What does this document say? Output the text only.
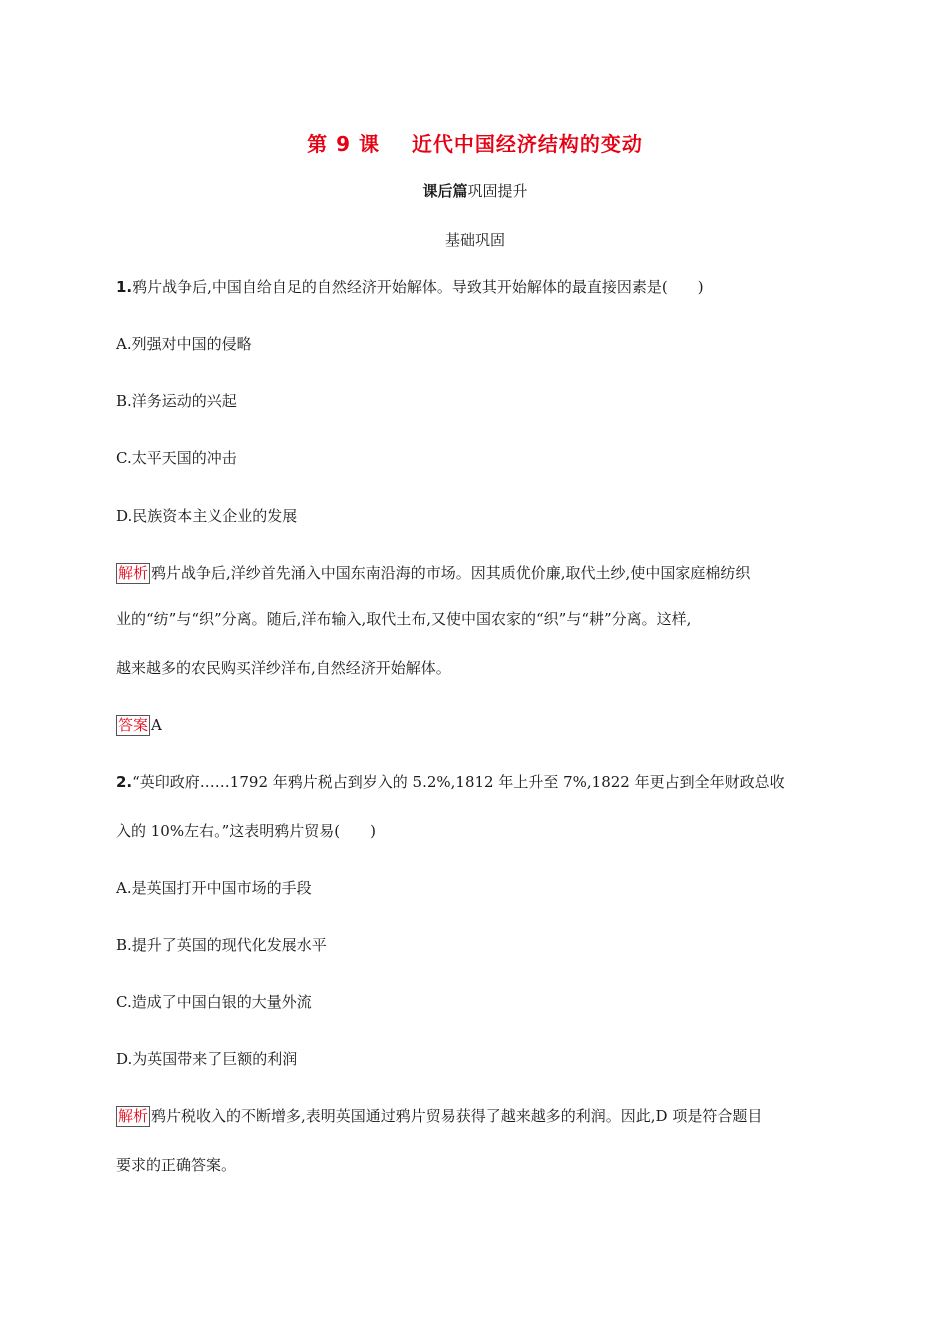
第 9 课    近代中国经济结构的变动
课后篇巩固提升
基础巩固
1.鸦片战争后,中国自给自足的自然经济开始解体。导致其开始解体的最直接因素是(　　)
A.列强对中国的侵略
B.洋务运动的兴起
C.太平天国的冲击
D.民族资本主义企业的发展
解析 鸦片战争后,洋纱首先涌入中国东南沿海的市场。因其质优价廉,取代土纱,使中国家庭棉纺织
业的“纺”与“织”分离。随后,洋布输入,取代土布,又使中国农家的“织”与“耕”分离。这样,
越来越多的农民购买洋纱洋布,自然经济开始解体。
答案 A
2.“英印政府……1792 年鸦片税占到岁入的 5.2%,1812 年上升至 7%,1822 年更占到全年财政总收
入的 10%左右。”这表明鸦片贸易(　　)
A.是英国打开中国市场的手段
B.提升了英国的现代化发展水平
C.造成了中国白银的大量外流
D.为英国带来了巨额的利润
解析 鸦片税收入的不断增多,表明英国通过鸦片贸易获得了越来越多的利润。因此,D 项是符合题目
要求的正确答案。
